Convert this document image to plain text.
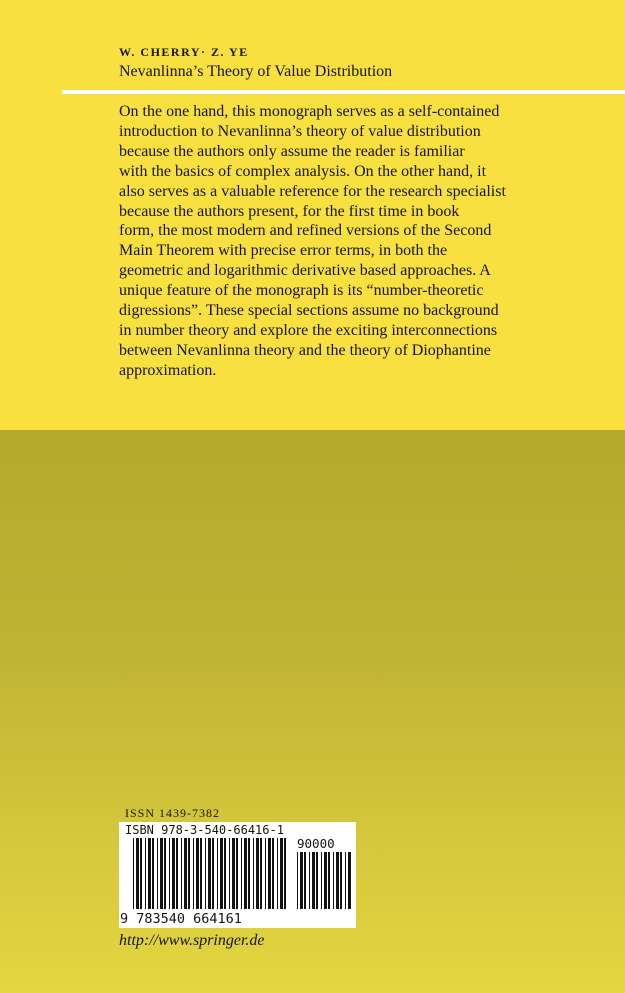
W. CHERRY· Z. YE
Nevanlinna’s Theory of Value Distribution
On the one hand, this monograph serves as a self-contained
introduction to Nevanlinna’s theory of value distribution
because the authors only assume the reader is familiar
with the basics of complex analysis. On the other hand, it
also serves as a valuable reference for the research specialist
because the authors present, for the first time in book
form, the most modern and refined versions of the Second
Main Theorem with precise error terms, in both the
geometric and logarithmic derivative based approaches. A
unique feature of the monograph is its “number-theoretic
digressions”. These special sections assume no background
in number theory and explore the exciting interconnections
between Nevanlinna theory and the theory of Diophantine
approximation.
ISSN 1439-7382
ISBN 978-3-540-66416-1
90000
9 783540 664161
http://www.springer.de
